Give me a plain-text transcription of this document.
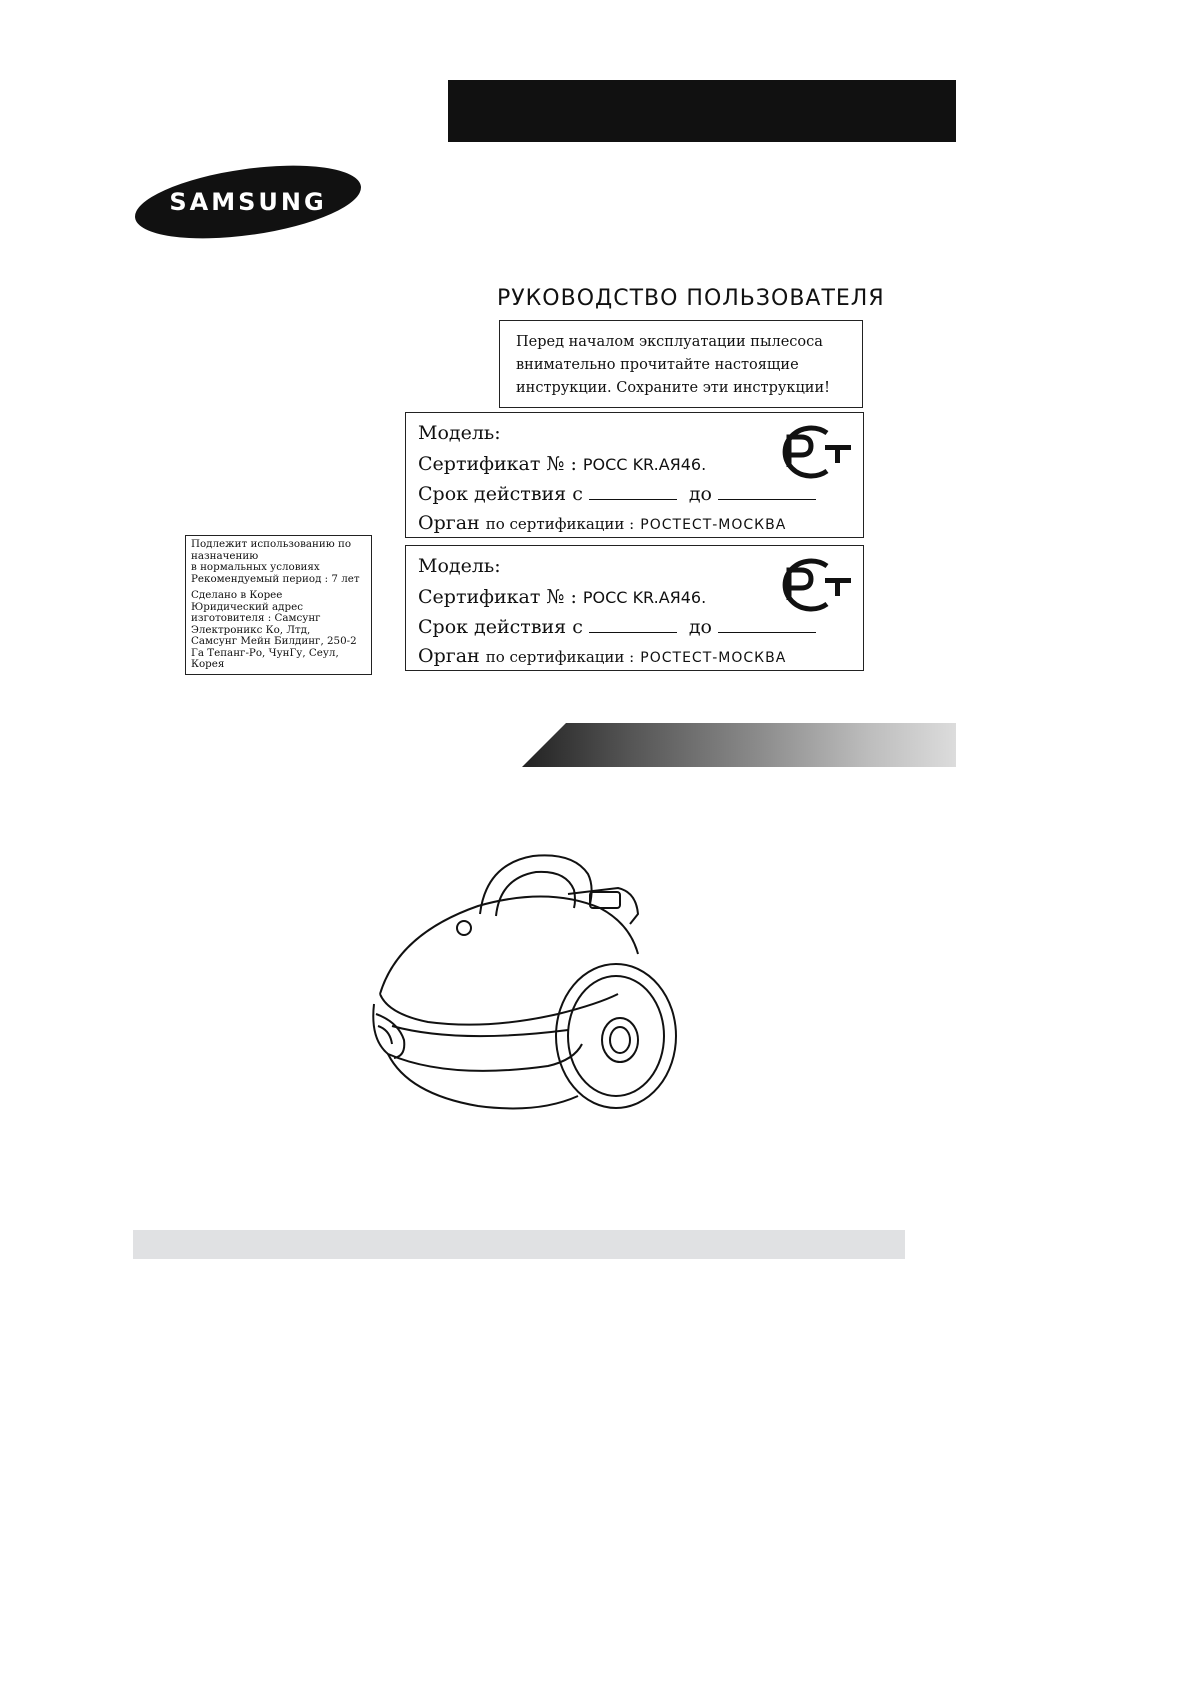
SAMSUNG
РУКОВОДСТВО ПОЛЬЗОВАТЕЛЯ
Перед началом эксплуатации пылесоса
внимательно прочитайте настоящие
инструкции. Сохраните эти инструкции!
Модель:
Сертификат № : РОСС KR.АЯ46.
Срок действия с	до
Орган по сертификации : РОСТЕСТ-МОСКВА
РСТ
Модель:
Сертификат № : РОСС KR.АЯ46.
Срок действия с	до
Орган по сертификации : РОСТЕСТ-МОСКВА
РСТ
Подлежит использованию по
назначению
в нормальных условиях
Рекомендуемый период : 7 лет
Сделано в Корее
Юридический адрес
изготовителя : Самсунг
Электроникс Ко, Лтд,
Самсунг Мейн Билдинг, 250-2
Га Тепанг-Ро, ЧунГу, Сеул,
Корея
